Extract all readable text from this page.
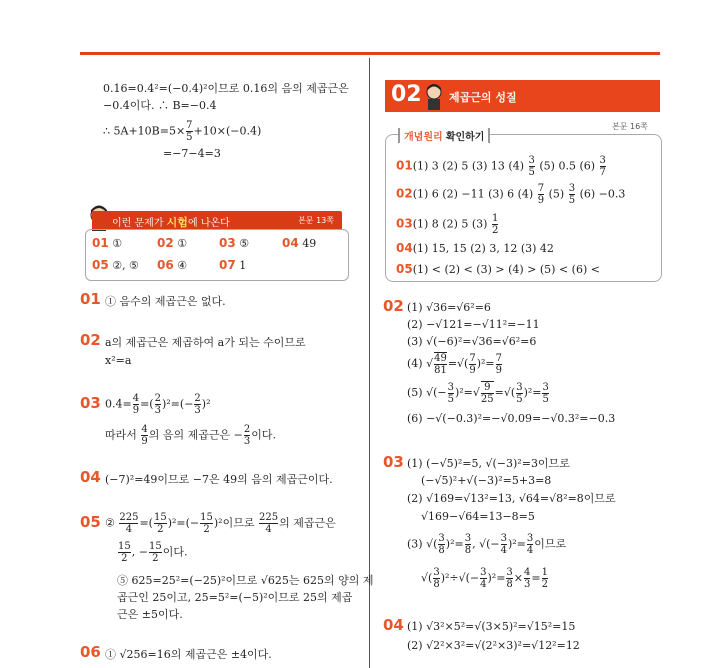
0.16=0.4²=(−0.4)²이므로 0.16의 음의 제곱근은
−0.4이다. ∴ B=−0.4
∴ $5A+10B=5\times \frac{7}{5} +10\times(-0.4)$
=−7−4=3
이런 문제가 시험에 나온다	본문 13쪽
01 ①	02 ①	03 ⑤	04 49
05 ②, ⑤ 06 ④	07 1
01 ① 음수의 제곱근은 없다.
02 a의 제곱근은 제곱하여 a가 되는 수이므로
x²=a
03 0.4̇= $\frac{4}{9}$ =( $\frac{2}{3} )^2=(- \frac{2}{3} )^2$
따라서 $\frac{4}{9}$ 의 음의 제곱근은 − $\frac{2}{3}$ 이다.
04 (−7)²=49이므로 −7은 49의 음의 제곱근이다.
05 ② $\frac{225}{4}$ =( $\frac{15}{2} )^2=(- \frac{15}{2} )^2$이므로 $\frac{225}{4}$ 의 제곱근은
$\frac{15}{2}$ , − $\frac{15}{2}$ 이다.
⑤ 625=25²=(−25)²이므로 √625는 625의 양의 제
곱근인 25이고, 25=5²=(−5)²이므로 25의 제곱
근은 ±5이다.
06 ① √256=16의 제곱근은 ±4이다.
02 제곱근의 성질
본문 16쪽
개념원리 확인하기
01(1) 3 (2) 5 (3) 13 $(4) \frac{3}{5} (5)$ 0.5 $(6) \frac{3}{7}$
02(1) 6 (2) −11 (3) 6 $(4) \frac{7}{9} (5) \frac{3}{5} (6) -0.3$
03(1) 8 (2) 5 $(3) \frac{1}{2}$
04(1) 15, 15 (2) 3, 12 (3) 42
05(1) < (2) < (3) > (4) > (5) < (6) <
02 (1) √36=√6²=6
(2) −√121=−√11²=−11
(3) √(−6)²=√36=√6²=6
(4) √ $\frac{49}{81}$ =√( $\frac{7}{9} )^2= \frac{7}{9}$
(5) √(− $\frac{3}{5} )^2=√ \frac{9}{25}$ =√( $\frac{3}{5} )^2= \frac{3}{5}$
(6) −√(−0.3)²=−√0.09=−√0.3²=−0.3
03 (1) (−√5)²=5, √(−3)²=3이므로
(−√5)²+√(−3)²=5+3=8
(2) √169=√13²=13, √64=√8²=8이므로
√169−√64=13−8=5
(3) √( $\frac{3}{8} )^2= \frac{3}{8}$ , √(− $\frac{3}{4} )^2= \frac{3}{4}$ 이므로
√( $\frac{3}{8} )^2\div√(- \frac{3}{4} )^2= \frac{3}{8} \times \frac{4}{3} = \frac{1}{2}$
04 (1) √3²×5²=√(3×5)²=√15²=15
(2) √2²×3²=√(2²×3)²=√12²=12
